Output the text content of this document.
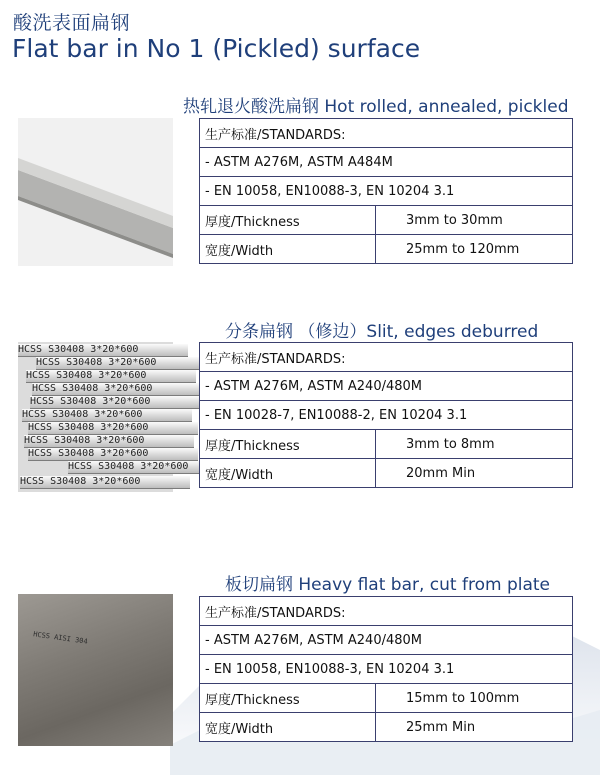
酸洗表面扁钢
Flat bar in No 1 (Pickled) surface
热轧退火酸洗扁钢 Hot rolled, annealed, pickled
生产标准/STANDARDS:
- ASTM A276M, ASTM A484M
- EN 10058, EN10088-3, EN 10204 3.1
厚度/Thickness	3mm to 30mm
宽度/Width	25mm to 120mm
分条扁钢 （修边）Slit, edges deburred
HCSS S30408 3*20*600
HCSS S30408 3*20*600
HCSS S30408 3*20*600
HCSS S30408 3*20*600
HCSS S30408 3*20*600
HCSS S30408 3*20*600
HCSS S30408 3*20*600
HCSS S30408 3*20*600
HCSS S30408 3*20*600
HCSS S30408 3*20*600
HCSS S30408 3*20*600
生产标准/STANDARDS:
- ASTM A276M, ASTM A240/480M
- EN 10028-7, EN10088-2, EN 10204 3.1
厚度/Thickness	3mm to 8mm
宽度/Width	20mm Min
板切扁钢 Heavy flat bar, cut from plate
HCSS AISI 304
生产标准/STANDARDS:
- ASTM A276M, ASTM A240/480M
- EN 10058, EN10088-3, EN 10204 3.1
厚度/Thickness	15mm to 100mm
宽度/Width	25mm Min
